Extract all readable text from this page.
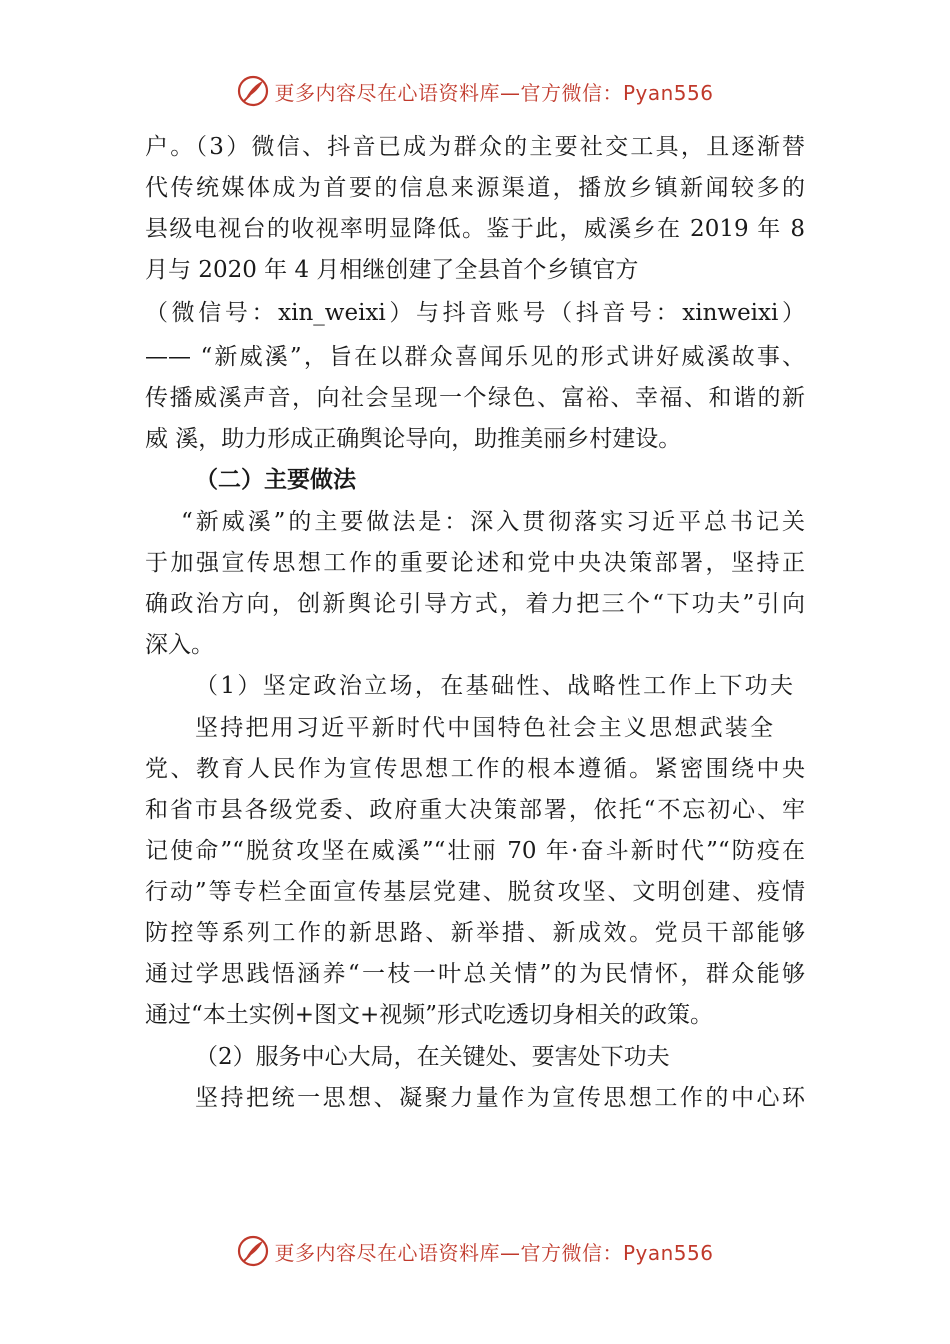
更多内容尽在心语资料库—官方微信：Pyan556
户。（3）微信、抖音已成为群众的主要社交工具，且逐渐替
代传统媒体成为首要的信息来源渠道，播放乡镇新闻较多的
县级电视台的收视率明显降低。鉴于此，威溪乡在 2019 年 8
月与 2020 年 4 月相继创建了全县首个乡镇官方
（微信号：xin_weixi）与抖音账号（抖音号：xinweixi）
—— “新威溪”，旨在以群众喜闻乐见的形式讲好威溪故事、
传播威溪声音，向社会呈现一个绿色、富裕、幸福、和谐的新
威 溪，助力形成正确舆论导向，助推美丽乡村建设。
（二）主要做法
“新威溪”的主要做法是：深入贯彻落实习近平总书记关
于加强宣传思想工作的重要论述和党中央决策部署，坚持正
确政治方向，创新舆论引导方式，着力把三个“下功夫”引向
深入。
（1）坚定政治立场，在基础性、战略性工作上下功夫
坚持把用习近平新时代中国特色社会主义思想武装全
党、教育人民作为宣传思想工作的根本遵循。紧密围绕中央
和省市县各级党委、政府重大决策部署，依托“不忘初心、牢
记使命”“脱贫攻坚在威溪”“壮丽 70 年·奋斗新时代”“防疫在
行动”等专栏全面宣传基层党建、脱贫攻坚、文明创建、疫情
防控等系列工作的新思路、新举措、新成效。党员干部能够
通过学思践悟涵养“一枝一叶总关情”的为民情怀，群众能够
通过“本土实例+图文+视频”形式吃透切身相关的政策。
（2）服务中心大局，在关键处、要害处下功夫
坚持把统一思想、凝聚力量作为宣传思想工作的中心环
更多内容尽在心语资料库—官方微信：Pyan556
